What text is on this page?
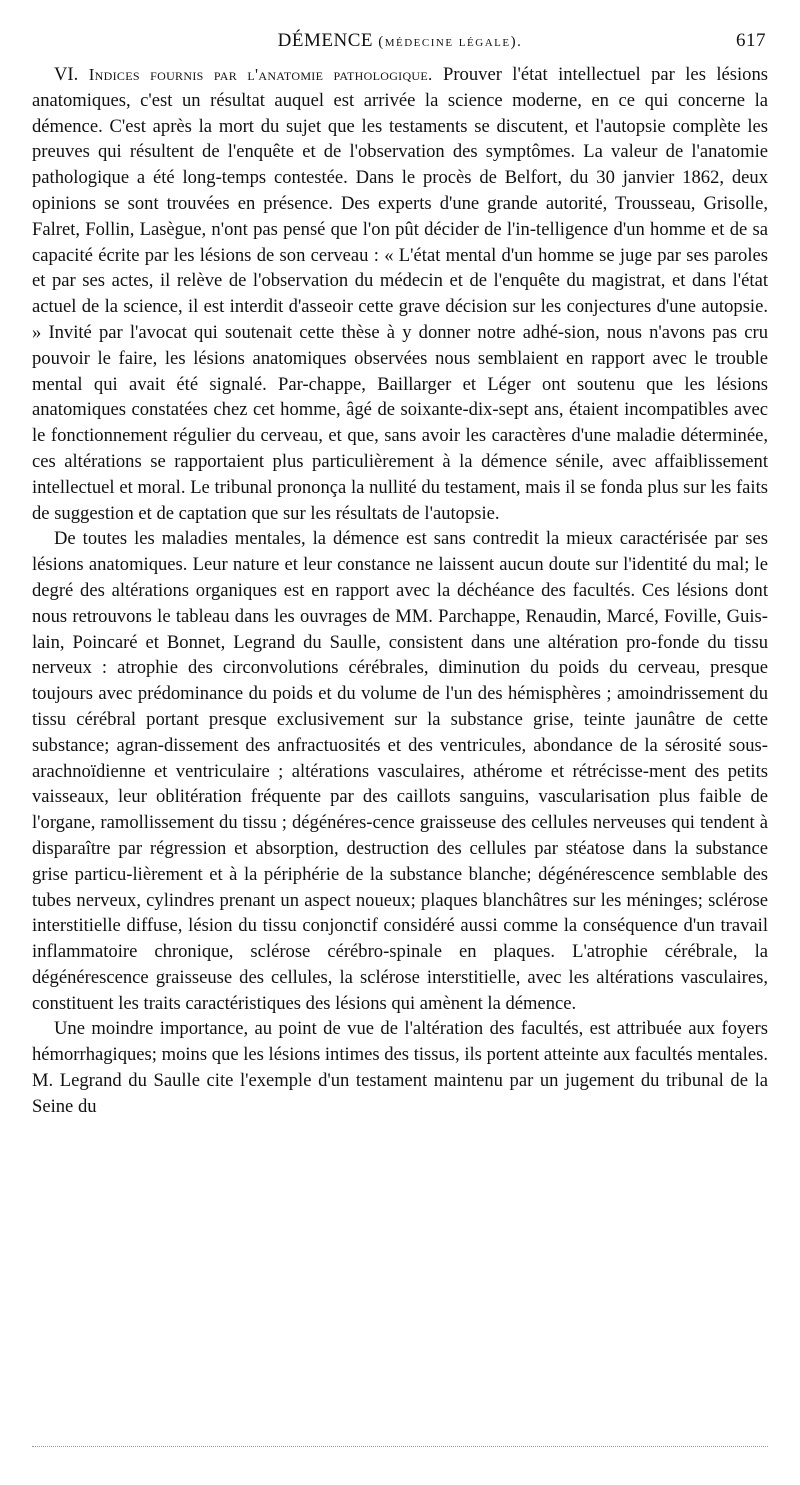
DÉMENCE (médecine légale).	617

VI. Indices fournis par l'anatomie pathologique. Prouver l'état intellectuel par les lésions anatomiques, c'est un résultat auquel est arrivée la science moderne, en ce qui concerne la démence. C'est après la mort du sujet que les testaments se discutent, et l'autopsie complète les preuves qui résultent de l'enquête et de l'observation des symptômes. La valeur de l'anatomie pathologique a été long-temps contestée. Dans le procès de Belfort, du 30 janvier 1862, deux opinions se sont trouvées en présence. Des experts d'une grande autorité, Trousseau, Grisolle, Falret, Follin, Lasègue, n'ont pas pensé que l'on pût décider de l'in-telligence d'un homme et de sa capacité écrite par les lésions de son cerveau : « L'état mental d'un homme se juge par ses paroles et par ses actes, il relève de l'observation du médecin et de l'enquête du magistrat, et dans l'état actuel de la science, il est interdit d'asseoir cette grave décision sur les conjectures d'une autopsie. » Invité par l'avocat qui soutenait cette thèse à y donner notre adhé-sion, nous n'avons pas cru pouvoir le faire, les lésions anatomiques observées nous semblaient en rapport avec le trouble mental qui avait été signalé. Par-chappe, Baillarger et Léger ont soutenu que les lésions anatomiques constatées chez cet homme, âgé de soixante-dix-sept ans, étaient incompatibles avec le fonctionnement régulier du cerveau, et que, sans avoir les caractères d'une maladie déterminée, ces altérations se rapportaient plus particulièrement à la démence sénile, avec affaiblissement intellectuel et moral. Le tribunal prononça la nullité du testament, mais il se fonda plus sur les faits de suggestion et de captation que sur les résultats de l'autopsie.

De toutes les maladies mentales, la démence est sans contredit la mieux caractérisée par ses lésions anatomiques. Leur nature et leur constance ne laissent aucun doute sur l'identité du mal; le degré des altérations organiques est en rapport avec la déchéance des facultés. Ces lésions dont nous retrouvons le tableau dans les ouvrages de MM. Parchappe, Renaudin, Marcé, Foville, Guis-lain, Poincaré et Bonnet, Legrand du Saulle, consistent dans une altération pro-fonde du tissu nerveux : atrophie des circonvolutions cérébrales, diminution du poids du cerveau, presque toujours avec prédominance du poids et du volume de l'un des hémisphères ; amoindrissement du tissu cérébral portant presque exclusivement sur la substance grise, teinte jaunâtre de cette substance; agran-dissement des anfractuosités et des ventricules, abondance de la sérosité sous-arachnoïdienne et ventriculaire ; altérations vasculaires, athérome et rétrécisse-ment des petits vaisseaux, leur oblitération fréquente par des caillots sanguins, vascularisation plus faible de l'organe, ramollissement du tissu ; dégénéres-cence graisseuse des cellules nerveuses qui tendent à disparaître par régression et absorption, destruction des cellules par stéatose dans la substance grise particu-lièrement et à la périphérie de la substance blanche; dégénérescence semblable des tubes nerveux, cylindres prenant un aspect noueux; plaques blanchâtres sur les méninges; sclérose interstitielle diffuse, lésion du tissu conjonctif considéré aussi comme la conséquence d'un travail inflammatoire chronique, sclérose cérébro-spinale en plaques. L'atrophie cérébrale, la dégénérescence graisseuse des cellules, la sclérose interstitielle, avec les altérations vasculaires, constituent les traits caractéristiques des lésions qui amènent la démence.

Une moindre importance, au point de vue de l'altération des facultés, est attribuée aux foyers hémorrhagiques; moins que les lésions intimes des tissus, ils portent atteinte aux facultés mentales. M. Legrand du Saulle cite l'exemple d'un testament maintenu par un jugement du tribunal de la Seine du
